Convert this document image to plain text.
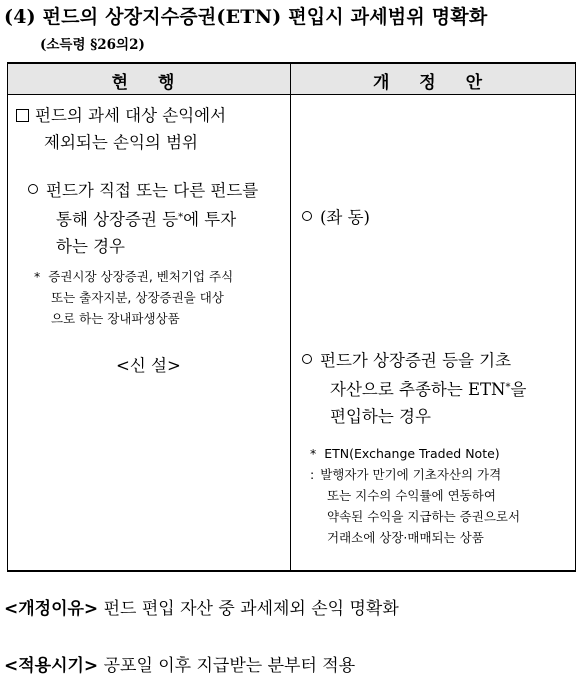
(4) 펀드의 상장지수증권(ETN) 편입시 과세범위 명확화
(소득령 §26의2)
현 행	개 정 안
펀드의 과세 대상 손익에서
제외되는 손익의 범위
펀드가 직접 또는 다른 펀드를
통해 상장증권 등*에 투자
하는 경우
* 증권시장 상장증권, 벤처기업 주식
또는 출자지분, 상장증권을 대상
으로 하는 장내파생상품
<신 설>
(좌 동)
펀드가 상장증권 등을 기초
자산으로 추종하는 ETN*을
편입하는 경우
* ETN(Exchange Traded Note)
: 발행자가 만기에 기초자산의 가격
또는 지수의 수익률에 연동하여
약속된 수익을 지급하는 증권으로서
거래소에 상장·매매되는 상품
<개정이유> 펀드 편입 자산 중 과세제외 손익 명확화
<적용시기> 공포일 이후 지급받는 분부터 적용
